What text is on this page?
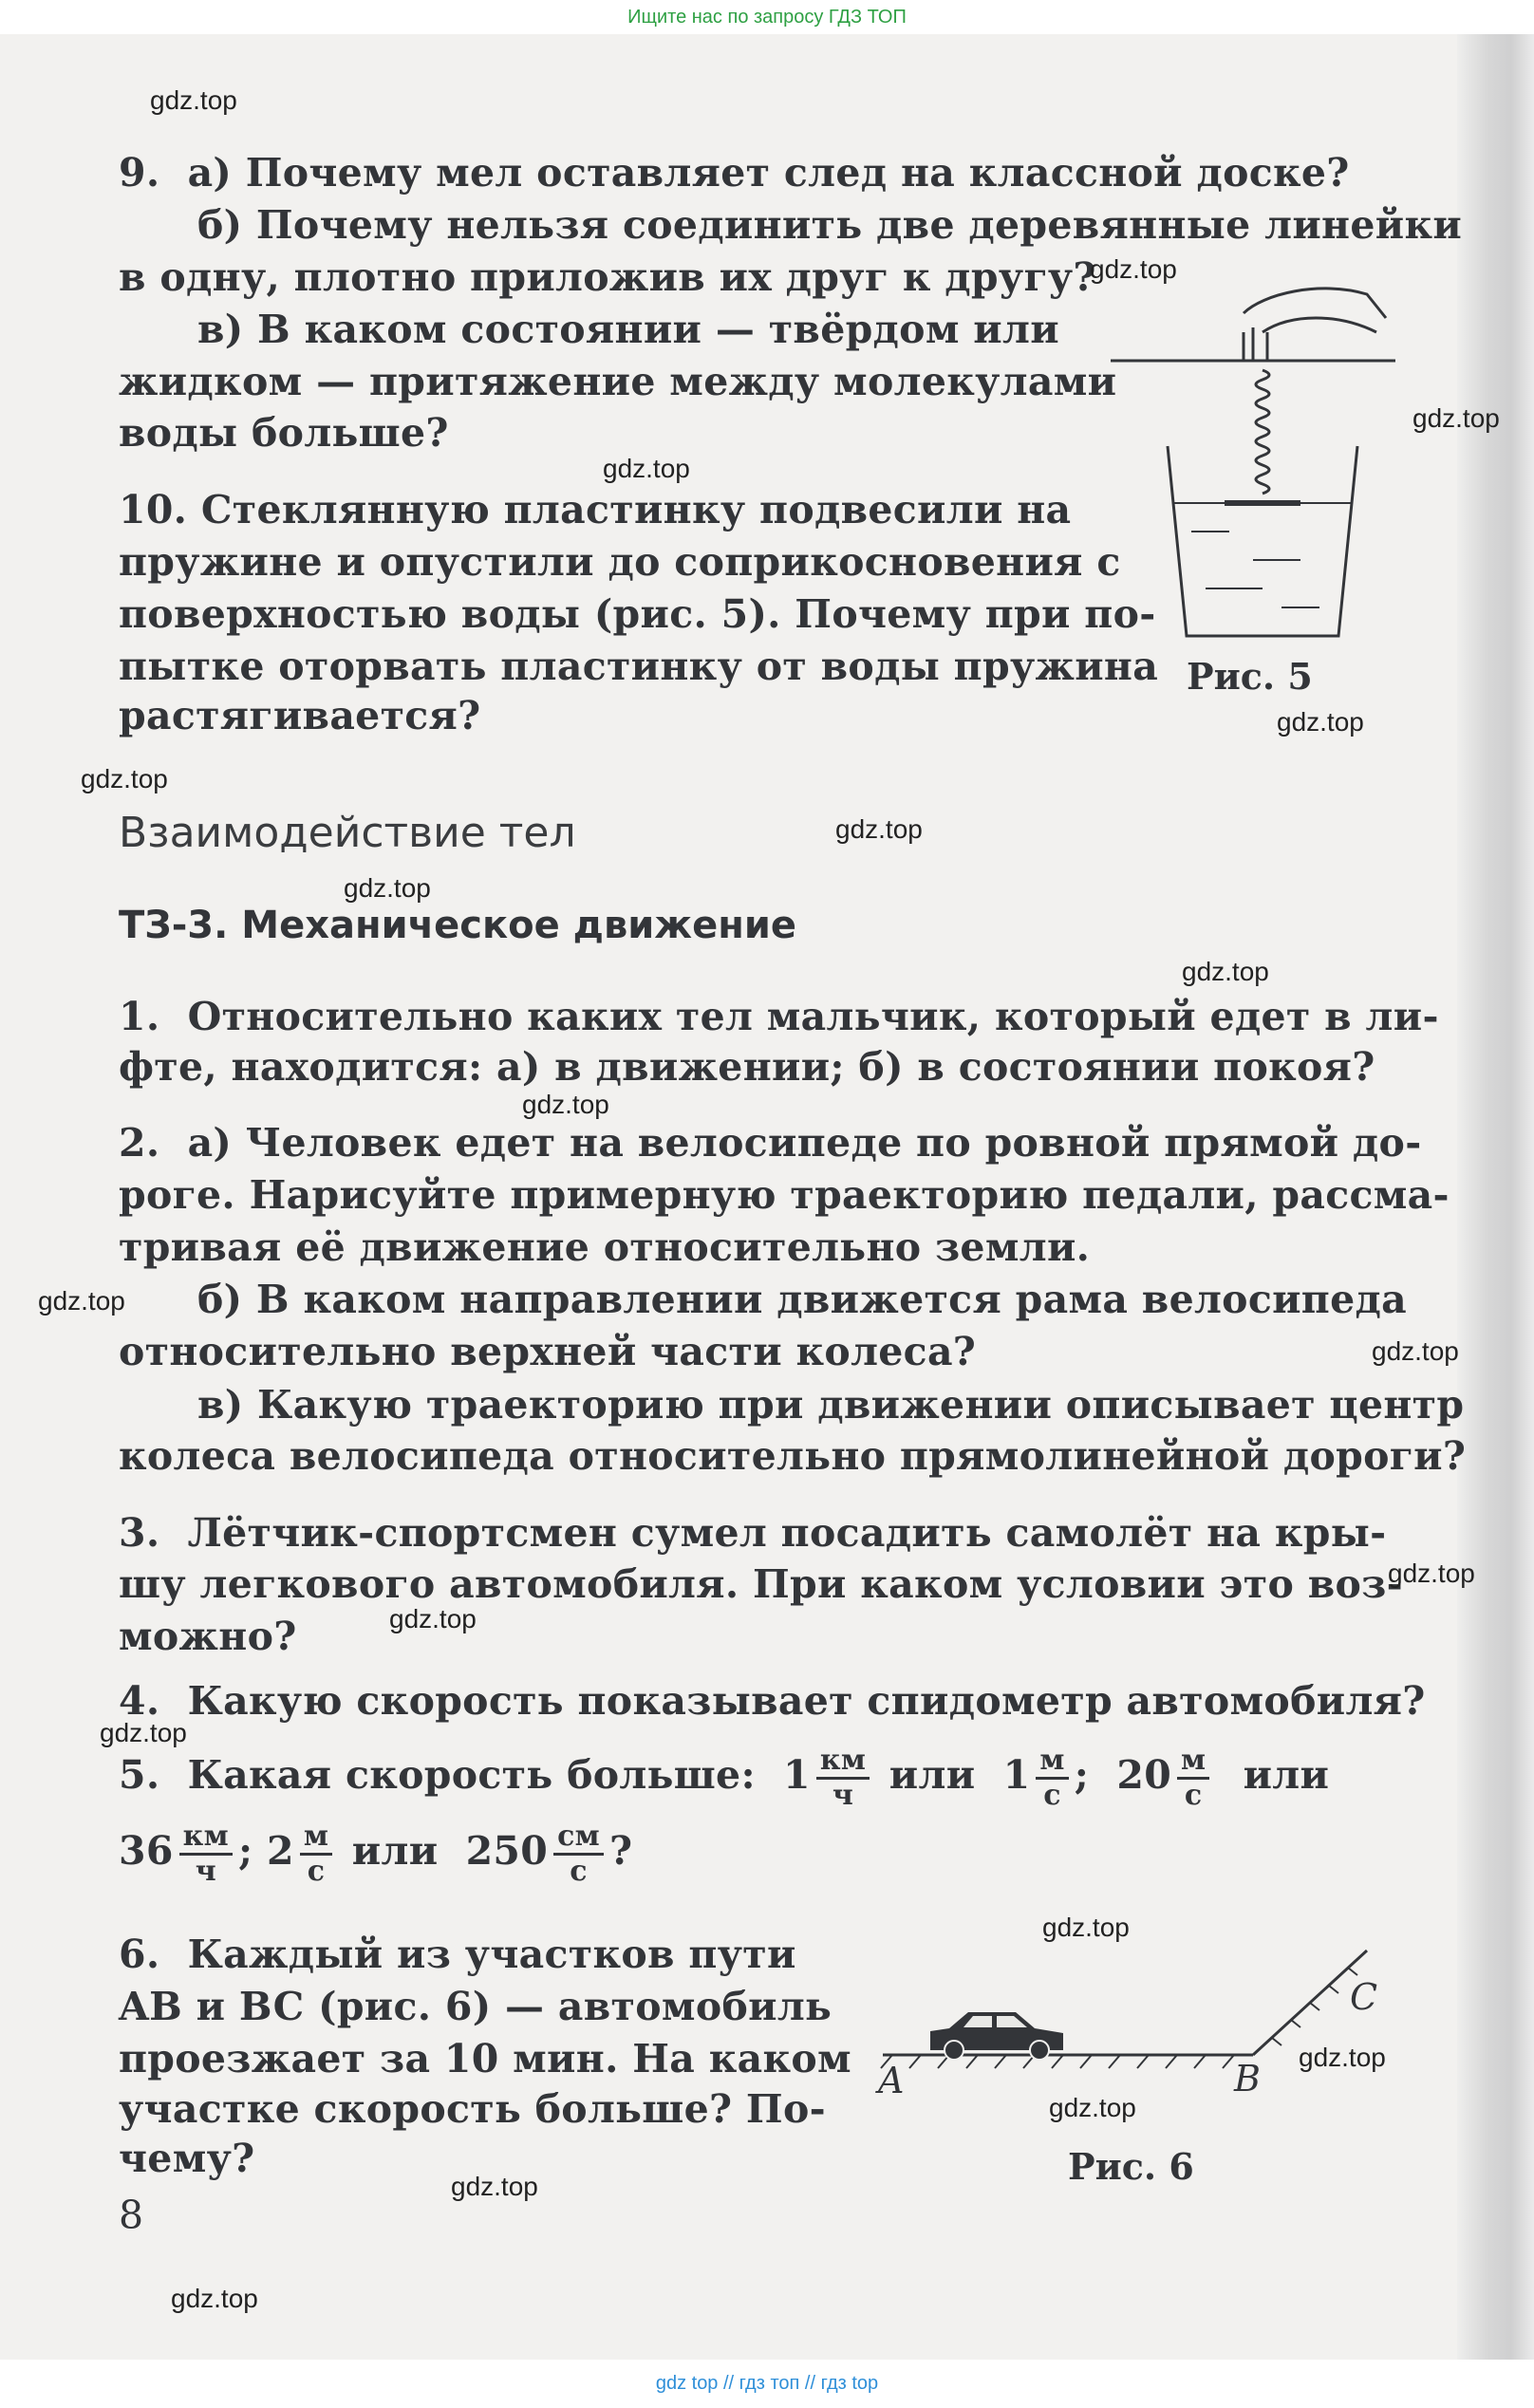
Ищите нас по запросу ГДЗ ТОП
9. а) Почему мел оставляет след на классной доске?
б) Почему нельзя соединить две деревянные линейки
в одну, плотно приложив их друг к другу?
в) В каком состоянии — твёрдом или
жидком — притяжение между молекулами
воды больше?
10. Стеклянную пластинку подвесили на
пружине и опустили до соприкосновения с
поверхностью воды (рис. 5). Почему при по-
пытке оторвать пластинку от воды пружина
растягивается?
Рис. 5
Взаимодействие тел
ТЗ-3. Механическое движение
1. Относительно каких тел мальчик, который едет в ли-
фте, находится: а) в движении; б) в состоянии покоя?
2. а) Человек едет на велосипеде по ровной прямой до-
роге. Нарисуйте примерную траекторию педали, рассма-
тривая её движение относительно земли.
б) В каком направлении движется рама велосипеда
относительно верхней части колеса?
в) Какую траекторию при движении описывает центр
колеса велосипеда относительно прямолинейной дороги?
3. Лётчик-спортсмен сумел посадить самолёт на кры-
шу легкового автомобиля. При каком условии это воз-
можно?
4. Какую скорость показывает спидометр автомобиля?
5. Какая скорость больше: $1 \frac{км}{ч}$ или $1 \frac{м}{с}$ ; $20 \frac{м}{с}$ или
$36 \frac{км}{ч}$ ; $2 \frac{м}{с}$ или $250 \frac{см}{с}$ ?
6. Каждый из участков пути
AB и BC (рис. 6) — автомобиль
проезжает за 10 мин. На каком
участке скорость больше? По-
чему?
A	B
C
Рис. 6
8
gdz.top
gdz.top
gdz.top
gdz.top
gdz.top
gdz.top
gdz.top
gdz.top
gdz.top
gdz.top
gdz.top
gdz.top
gdz.top
gdz.top
gdz.top
gdz.top
gdz.top
gdz.top
gdz.top
gdz.top
gdz top // гдз топ // гдз top
